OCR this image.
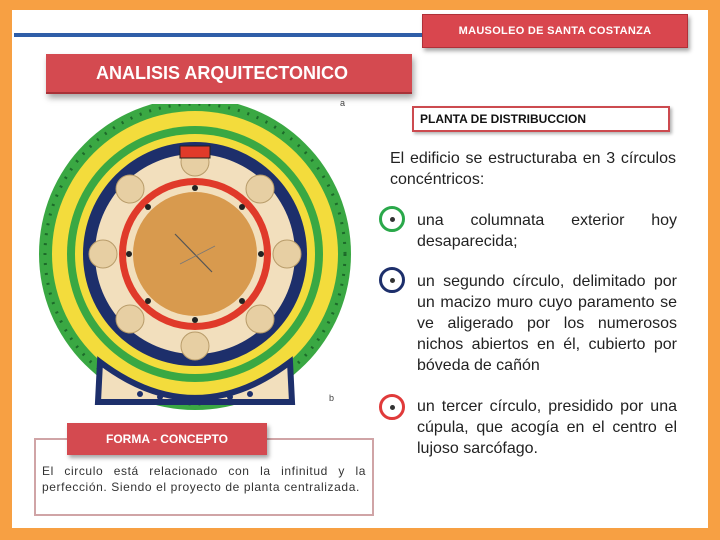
MAUSOLEO DE SANTA COSTANZA
ANALISIS ARQUITECTONICO
a
b
PLANTA DE DISTRIBUCCION
El edificio se estructuraba en 3 círculos concéntricos:
una columnata exterior hoy desaparecida;
un segundo círculo, delimitado por un macizo muro cuyo paramento se ve aligerado por los numerosos nichos abiertos en él, cubierto por bóveda de cañón
un tercer círculo, presidido por una cúpula, que acogía en el centro el lujoso sarcófago.
FORMA - CONCEPTO
El circulo está relacionado con la infinitud y la perfección. Siendo el proyecto de planta centralizada.
